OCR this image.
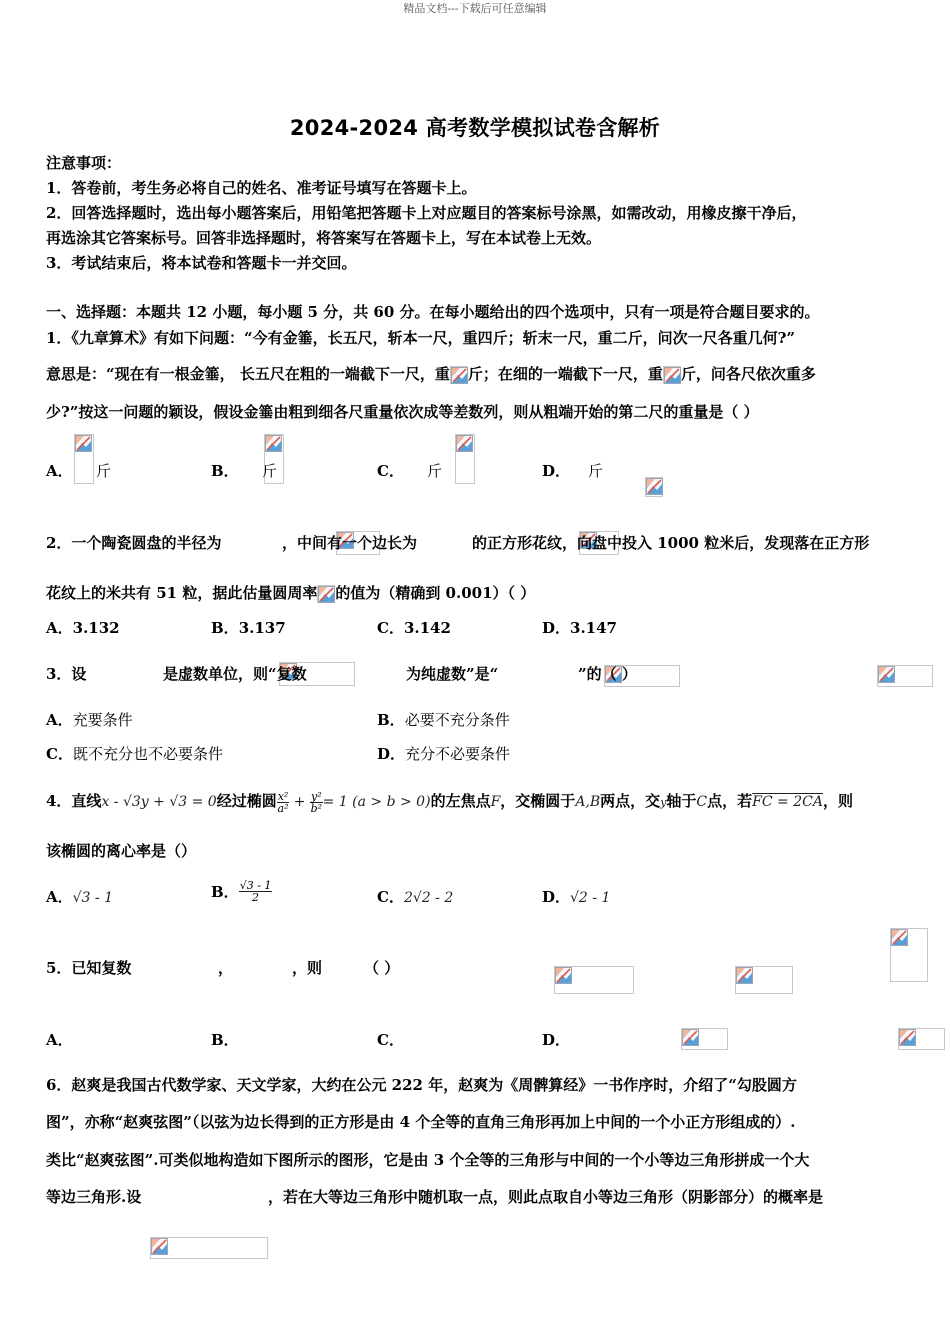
精品文档---下载后可任意编辑
2024-2024 高考数学模拟试卷含解析
注意事项：
1．答卷前，考生务必将自己的姓名、准考证号填写在答题卡上。
2．回答选择题时，选出每小题答案后，用铅笔把答题卡上对应题目的答案标号涂黑，如需改动，用橡皮擦干净后，
再选涂其它答案标号。回答非选择题时，将答案写在答题卡上，写在本试卷上无效。
3．考试结束后，将本试卷和答题卡一并交回。
一、选择题：本题共 12 小题，每小题 5 分，共 60 分。在每小题给出的四个选项中，只有一项是符合题目要求的。
1．《九章算术》有如下问题：“今有金箠，长五尺，斩本一尺，重四斤；斩末一尺，重二斤，问次一尺各重几何?”
意思是：“现在有一根金箠， 长五尺在粗的一端截下一尺，重 斤；在细的一端截下一尺，重 斤，问各尺依次重多
少?”按这一问题的颖设，假设金箠由粗到细各尺重量依次成等差数列，则从粗端开始的第二尺的重量是（ ）
A．
斤	B．
斤	C．
斤	D．
斤
2．一个陶瓷圆盘的半径为
	，中间有一个边长为
	的正方形花纹，向盘中投入 1000 粒米后，发现落在正方形
花纹上的米共有 51 粒，据此估量圆周率 的值为（精确到 0.001）（ ）
A．3.132	B．3.137	C．3.142	D．3.147
3．设
	是虚数单位，则“复数
	为纯虚数”是“
	”的（ ）
A．充要条件	B．必要不充分条件
C．既不充分也不必要条件	D．充分不必要条件
4．直线x - √3y + √3 = 0经过椭圆 $\frac{\text{x²}}{\text{a²}} + \frac{\text{y²}}{\text{b²}} = 1$ (a > b > 0)的左焦点F，交椭圆于A,B两点，交y轴于C点，若FC = 2CA，则
该椭圆的离心率是（）
A．√3 - 1	B． $\frac{√3 - 1}{2}$	C．2√2 - 2	D．√2 - 1
5．已知复数
	，
	，则
	（ ）
A．
	B．
	C．
	D．

6．赵爽是我国古代数学家、天文学家，大约在公元 222 年，赵爽为《周髀算经》一书作序时，介绍了“勾股圆方
图”，亦称“赵爽弦图”（以弦为边长得到的正方形是由 4 个全等的直角三角形再加上中间的一个小正方形组成的）.
类比“赵爽弦图”.可类似地构造如下图所示的图形，它是由 3 个全等的三角形与中间的一个小等边三角形拼成一个大
等边三角形.设	，若在大等边三角形中随机取一点，则此点取自小等边三角形（阴影部分）的概率是
